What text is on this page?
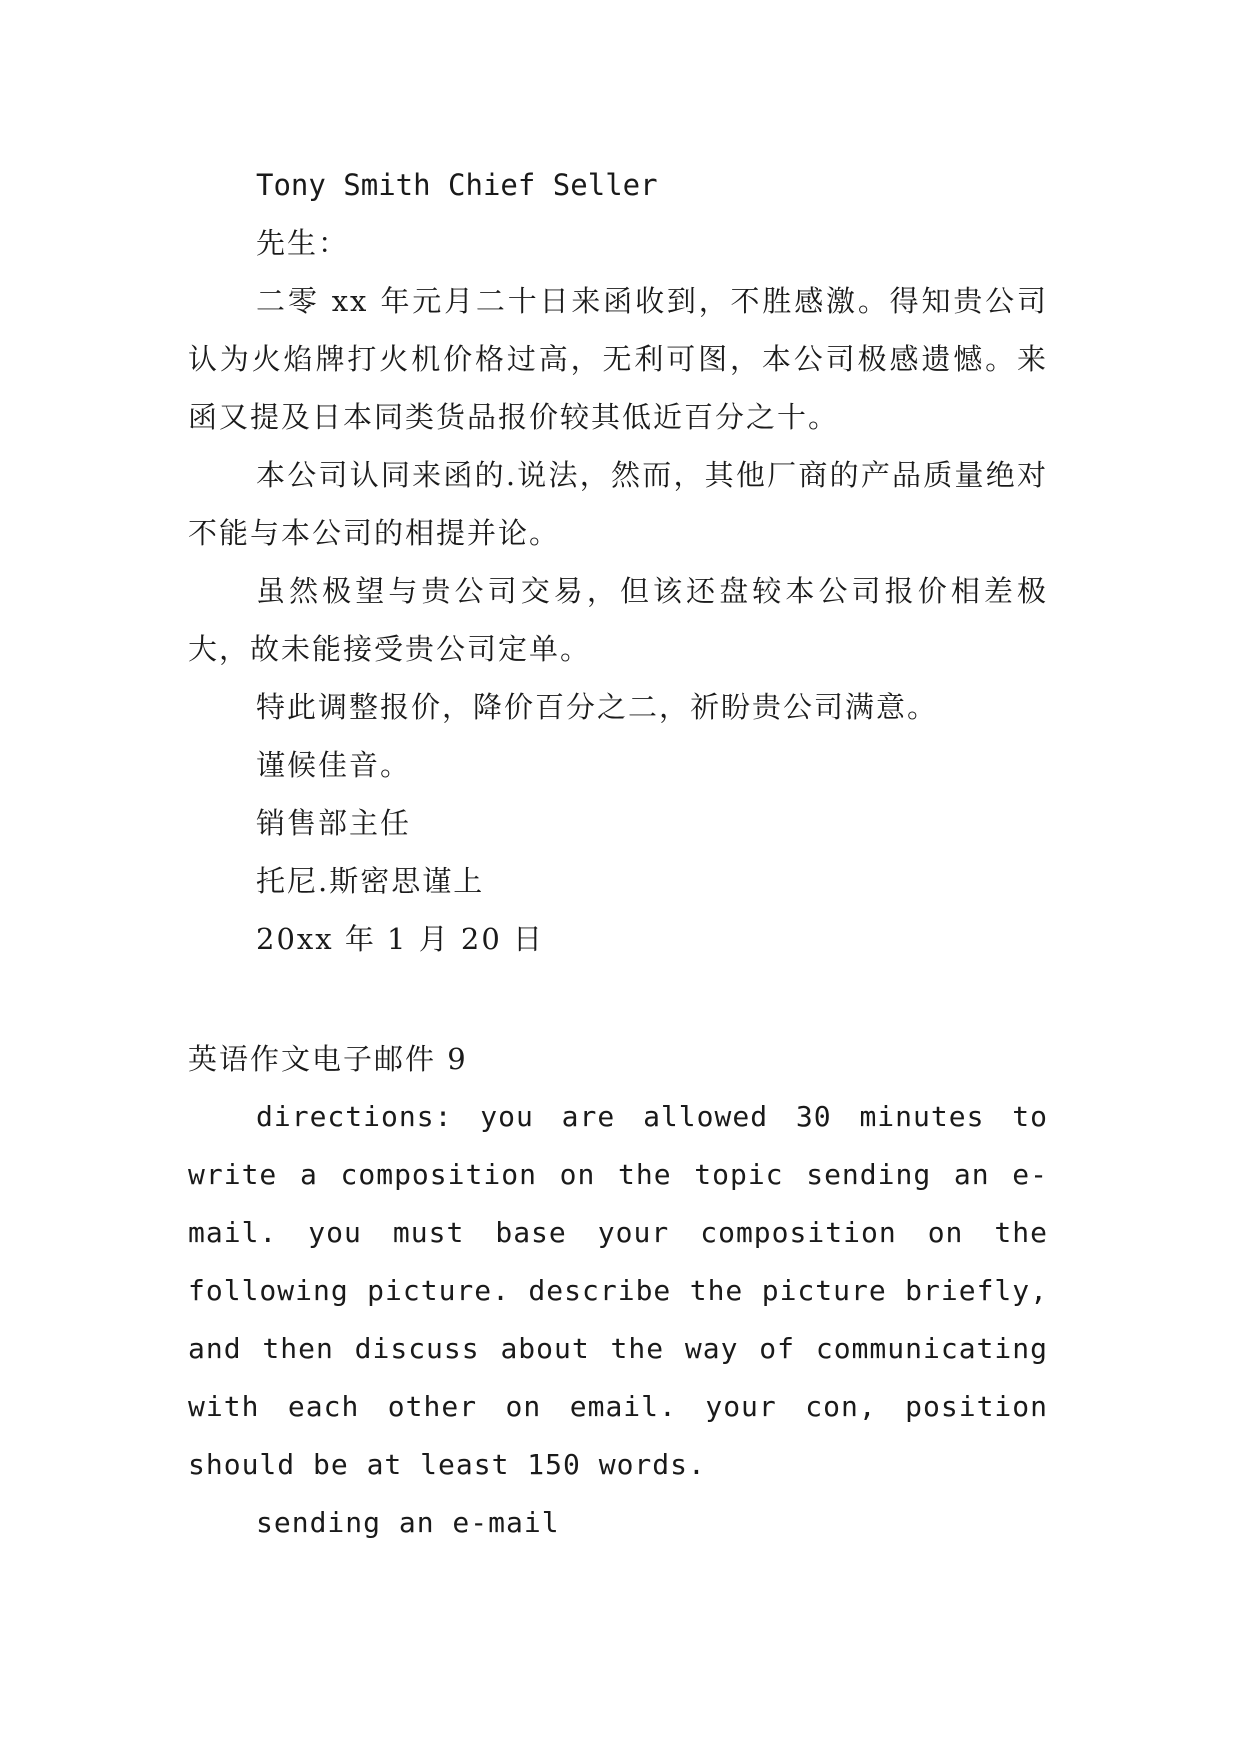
Tony Smith Chief Seller
先生：
二零 xx 年元月二十日来函收到，不胜感激。得知贵公司认为火焰牌打火机价格过高，无利可图，本公司极感遗憾。来函又提及日本同类货品报价较其低近百分之十。
本公司认同来函的.说法，然而，其他厂商的产品质量绝对不能与本公司的相提并论。
虽然极望与贵公司交易，但该还盘较本公司报价相差极大，故未能接受贵公司定单。
特此调整报价，降价百分之二，祈盼贵公司满意。
谨候佳音。
销售部主任
托尼.斯密思谨上
20xx 年 1 月 20 日
英语作文电子邮件 9
directions: you are allowed 30 minutes to write a composition on the topic sending an e-mail. you must base your composition on the following picture. describe the picture briefly, and then discuss about the way of communicating with each other on email. your con, position should be at least 150 words.
sending an e-mail
